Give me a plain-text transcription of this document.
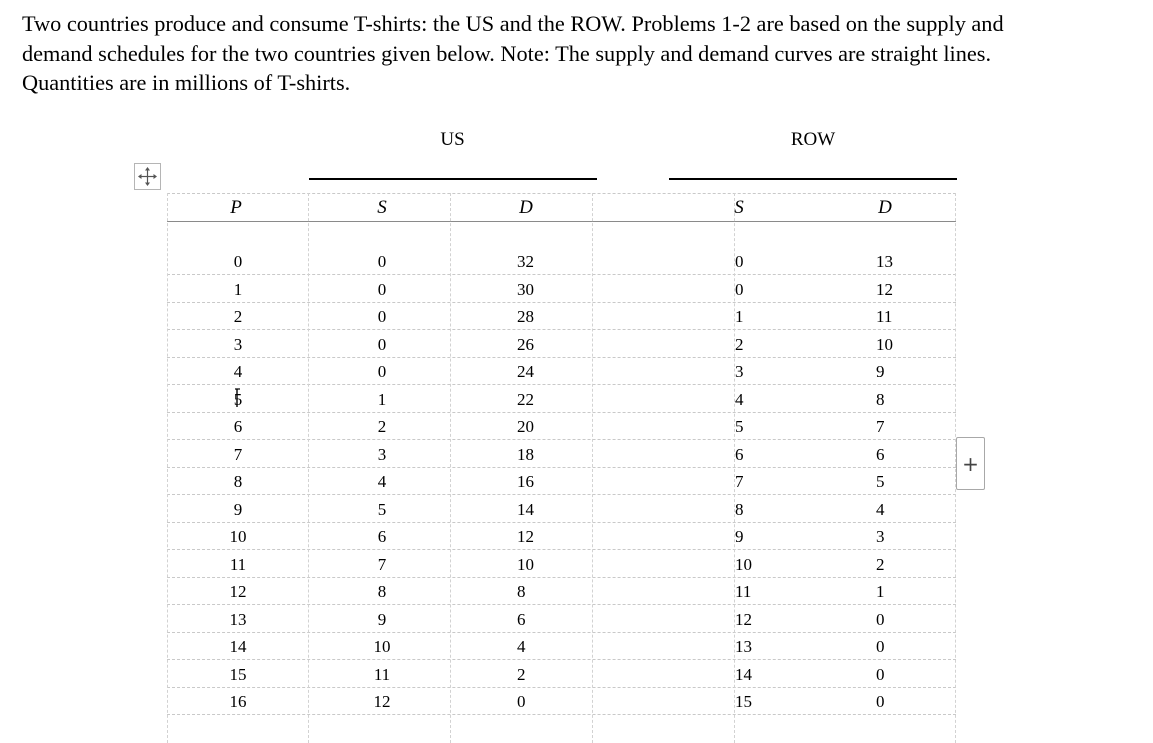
Two countries produce and consume T-shirts: the US and the ROW. Problems 1-2 are based on the supply and
demand schedules for the two countries given below. Note: The supply and demand curves are straight lines.
Quantities are in millions of T-shirts.
US	ROW
P	S	D	S	D
0	0	32	0	13
1	0	30	0	12
2	0	28	1	11
3	0	26	2	10
4	0	24	3	9
5	1	22	4	8
6	2	20	5	7
7	3	18	6	6
8	4	16	7	5
9	5	14	8	4
10	6	12	9	3
11	7	10	10	2
12	8	8	11	1
13	9	6	12	0
14	10	4	13	0
15	11	2	14	0
16	12	0	15	0
+
